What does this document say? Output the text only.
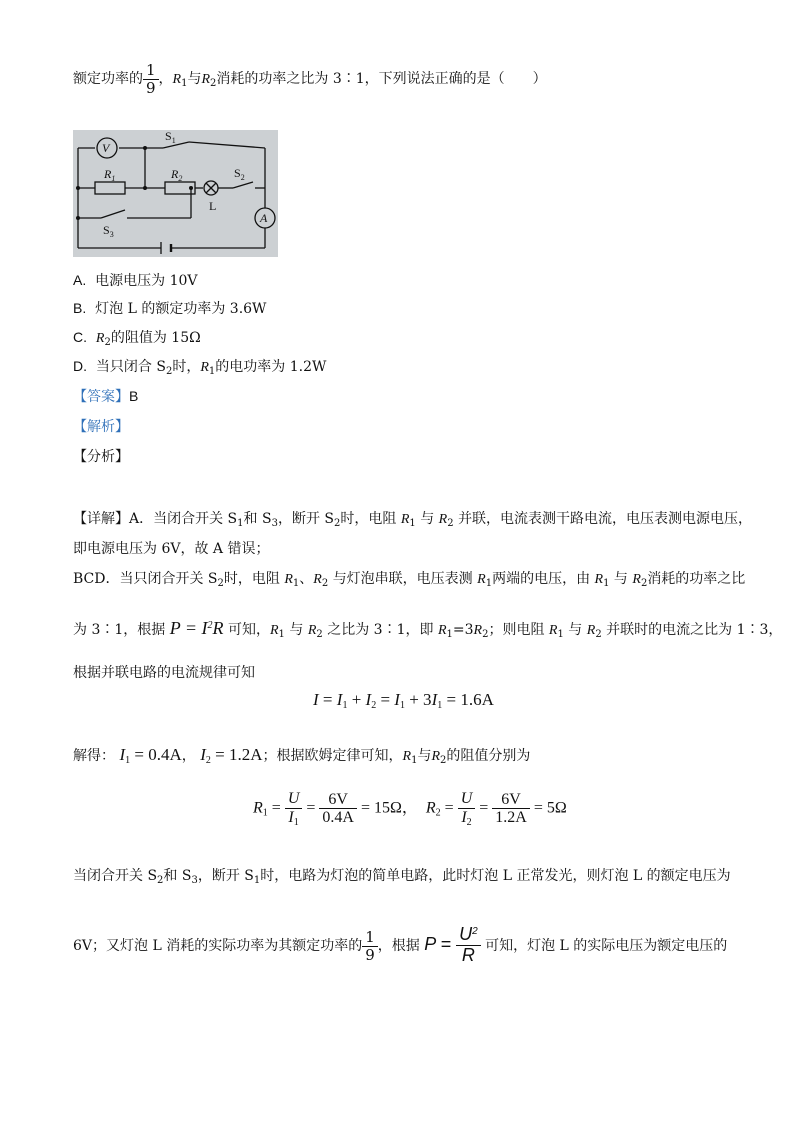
额定功率的 $\frac{1}{9}$ ，$R_1$与$R_2$消耗的功率之比为 3∶1，下列说法正确的是（　　）
V
$S_1$
$R_1$	$R_2$	$S_2$
L
A
$S_3$
A. 电源电压为 10V
B. 灯泡 L 的额定功率为 3.6W
C. $R_2$的阻值为 15Ω
D. 当只闭合 $S_2$时，$R_1$的电功率为 1.2W
【答案】B
【解析】
【分析】
【详解】A．当闭合开关 $S_1$和 $S_3$，断开 $S_2$时，电阻 $R_1$ 与 $R_2$ 并联，电流表测干路电流，电压表测电源电压，
即电源电压为 6V，故 A 错误；
BCD．当只闭合开关 $S_2$时，电阻 $R_1$、$R_2$ 与灯泡串联，电压表测 $R_1$两端的电压，由 $R_1$ 与 $R_2$消耗的功率之比
为 3∶1，根据 $P = I^2R$ 可知，$R_1$ 与 $R_2$ 之比为 3∶1，即 $R_1=3R_2$；则电阻 $R_1$ 与 $R_2$ 并联时的电流之比为 1∶3，
根据并联电路的电流规律可知
$I = I_1 + I_2 = I_1 + 3I_1 = 1.6A$
解得： $I_1 = 0.4A$， $I_2 = 1.2A$；根据欧姆定律可知，$R_1$与$R_2$的阻值分别为
$R_1 = \frac{U}{I_1} = \frac{6V}{0.4A} = 15\Omega$，  $R_2 = \frac{U}{I_2} = \frac{6V}{1.2A} = 5\Omega$
当闭合开关 $S_2$和 $S_3$，断开 $S_1$时，电路为灯泡的简单电路，此时灯泡 L 正常发光，则灯泡 L 的额定电压为
6V；又灯泡 L 消耗的实际功率为其额定功率的 $\frac{1}{9}$ ，根据 $P = \frac{U^2}{R}$ 可知，灯泡 L 的实际电压为额定电压的
